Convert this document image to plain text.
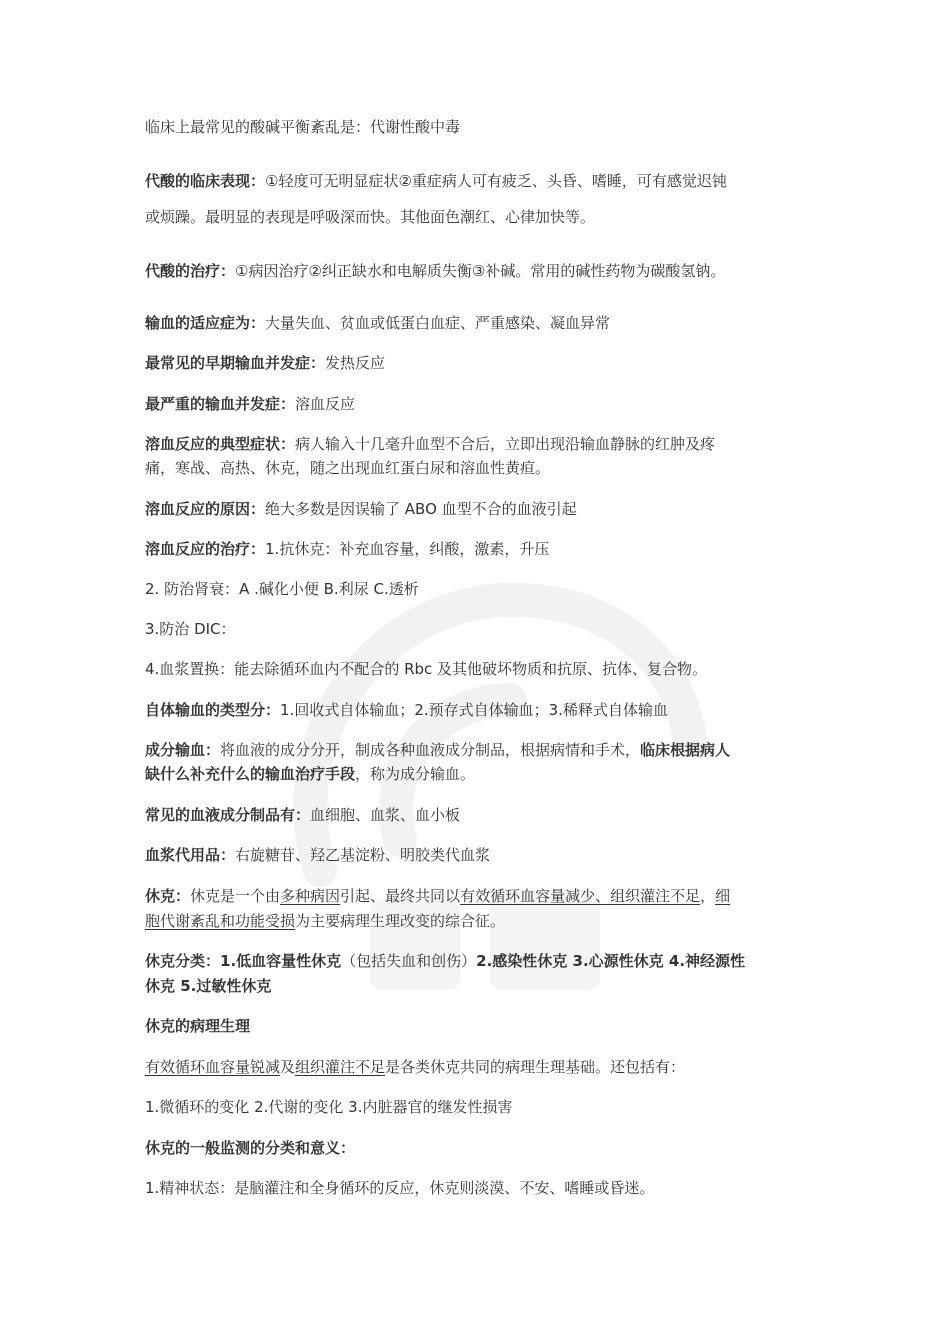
临床上最常见的酸碱平衡紊乱是：代谢性酸中毒
代酸的临床表现：①轻度可无明显症状②重症病人可有疲乏、头昏、嗜睡，可有感觉迟钝
或烦躁。最明显的表现是呼吸深而快。其他面色潮红、心律加快等。
代酸的治疗：①病因治疗②纠正缺水和电解质失衡③补碱。常用的碱性药物为碳酸氢钠。
输血的适应症为：大量失血、贫血或低蛋白血症、严重感染、凝血异常
最常见的早期输血并发症：发热反应
最严重的输血并发症：溶血反应
溶血反应的典型症状：病人输入十几毫升血型不合后，立即出现沿输血静脉的红肿及疼
痛，寒战、高热、休克，随之出现血红蛋白尿和溶血性黄疸。
溶血反应的原因：绝大多数是因误输了 ABO 血型不合的血液引起
溶血反应的治疗：1.抗休克：补充血容量，纠酸，激素，升压
2. 防治肾衰：A .碱化小便 B.利尿 C.透析
3.防治 DIC：
4.血浆置换：能去除循环血内不配合的 Rbc 及其他破坏物质和抗原、抗体、复合物。
自体输血的类型分：1.回收式自体输血；2.预存式自体输血；3.稀释式自体输血
成分输血：将血液的成分分开，制成各种血液成分制品，根据病情和手术，临床根据病人
缺什么补充什么的输血治疗手段，称为成分输血。
常见的血液成分制品有：血细胞、血浆、血小板
血浆代用品：右旋糖苷、羟乙基淀粉、明胶类代血浆
休克：休克是一个由多种病因引起、最终共同以有效循环血容量减少、组织灌注不足，细
胞代谢紊乱和功能受损为主要病理生理改变的综合征。
休克分类：1.低血容量性休克（包括失血和创伤）2.感染性休克 3.心源性休克 4.神经源性
休克 5.过敏性休克
休克的病理生理
有效循环血容量锐减及组织灌注不足是各类休克共同的病理生理基础。还包括有：
1.微循环的变化 2.代谢的变化 3.内脏器官的继发性损害
休克的一般监测的分类和意义：
1.精神状态：是脑灌注和全身循环的反应，休克则淡漠、不安、嗜睡或昏迷。
